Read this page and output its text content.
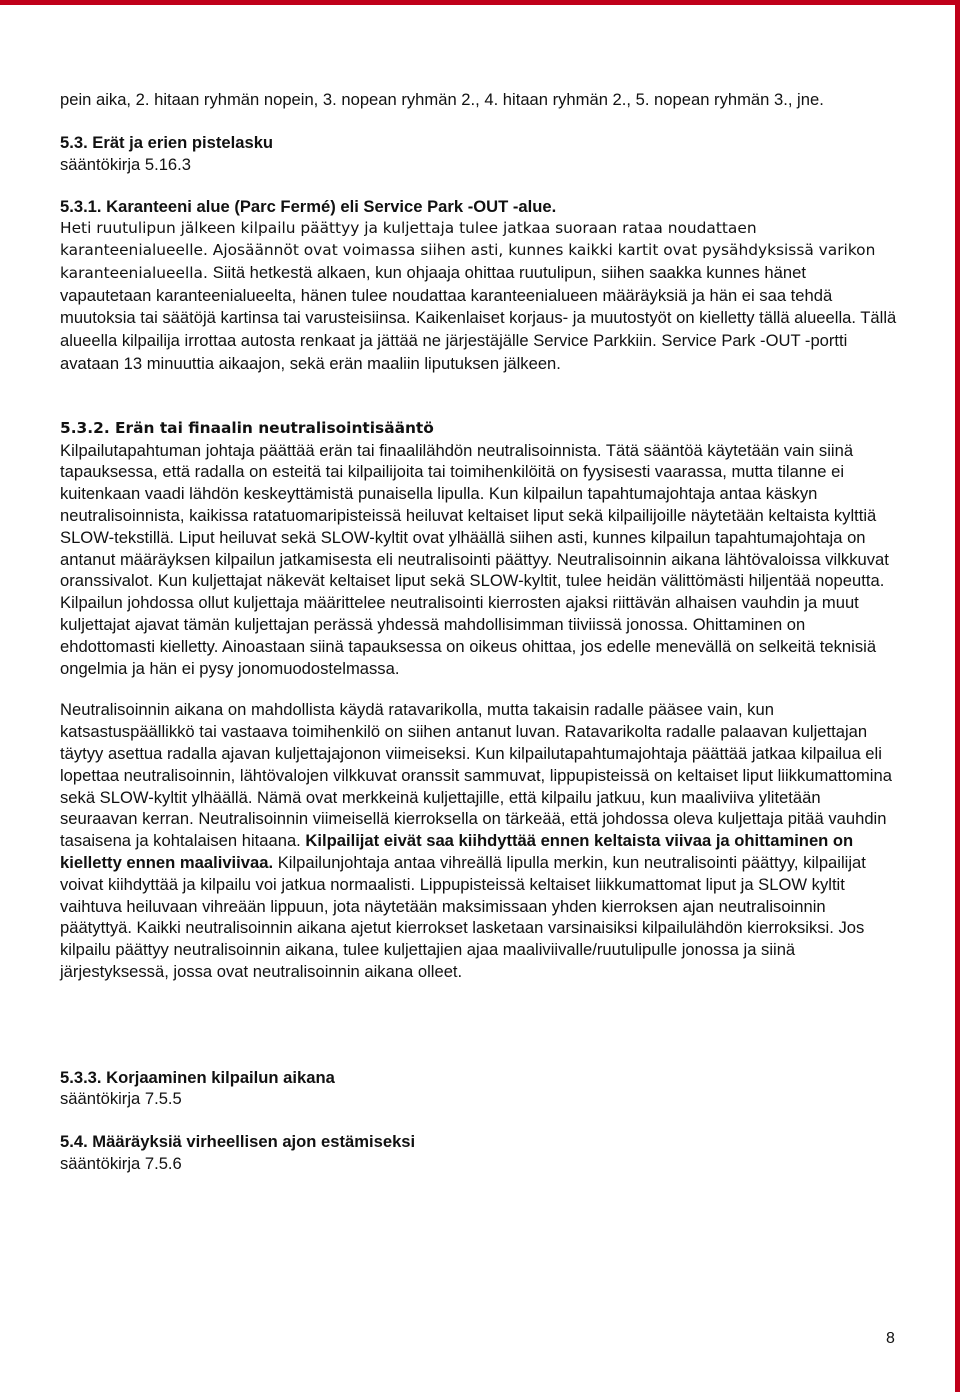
pein aika, 2. hitaan ryhmän nopein, 3. nopean ryhmän 2., 4. hitaan ryhmän 2., 5. nopean ryhmän 3., jne.

5.3. Erät ja erien pistelasku

sääntökirja 5.16.3

5.3.1. Karanteeni alue (Parc Fermé) eli Service Park -OUT -alue.

Heti ruutulipun jälkeen kilpailu päättyy ja kuljettaja tulee jatkaa suoraan rataa noudattaen karanteenialueelle. Ajosäännöt ovat voimassa siihen asti, kunnes kaikki kartit ovat pysähdyksissä varikon karanteenialueella. Siitä hetkestä alkaen, kun ohjaaja ohittaa ruutulipun, siihen saakka kunnes hänet vapautetaan karanteenialueelta, hänen tulee noudattaa karanteenialueen määräyksiä ja hän ei saa tehdä muutoksia tai säätöjä kartinsa tai varusteisiinsa. Kaikenlaiset korjaus- ja muutostyöt on kielletty tällä alueella. Tällä alueella kilpailija irrottaa autosta renkaat ja jättää ne järjestäjälle Service Parkkiin. Service Park -OUT -portti avataan 13 minuuttia aikaajon, sekä erän maaliin liputuksen jälkeen.

5.3.2. Erän tai finaalin neutralisointisääntö

Kilpailutapahtuman johtaja päättää erän tai finaalilähdön neutralisoinnista. Tätä sääntöä käytetään vain siinä tapauksessa, että radalla on esteitä tai kilpailijoita tai toimihenkilöitä on fyysisesti vaarassa, mutta tilanne ei kuitenkaan vaadi lähdön keskeyttämistä punaisella lipulla. Kun kilpailun tapahtumajohtaja antaa käskyn neutralisoinnista, kaikissa ratatuomaripisteissä heiluvat keltaiset liput sekä kilpailijoille näytetään keltaista kylttiä SLOW-tekstillä. Liput heiluvat sekä SLOW-kyltit ovat ylhäällä siihen asti, kunnes kilpailun tapahtumajohtaja on antanut määräyksen kilpailun jatkamisesta eli neutralisointi päättyy. Neutralisoinnin aikana lähtövaloissa vilkkuvat oranssivalot. Kun kuljettajat näkevät keltaiset liput sekä SLOW-kyltit, tulee heidän välittömästi hiljentää nopeutta. Kilpailun johdossa ollut kuljettaja määrittelee neutralisointi kierrosten ajaksi riittävän alhaisen vauhdin ja muut kuljettajat ajavat tämän kuljettajan perässä yhdessä mahdollisimman tiiviissä jonossa. Ohittaminen on ehdottomasti kielletty. Ainoastaan siinä tapauksessa on oikeus ohittaa, jos edelle menevällä on selkeitä teknisiä ongelmia ja hän ei pysy jonomuodostelmassa.

Neutralisoinnin aikana on mahdollista käydä ratavarikolla, mutta takaisin radalle pääsee vain, kun katsastuspäällikkö tai vastaava toimihenkilö on siihen antanut luvan. Ratavarikolta radalle palaavan kuljettajan täytyy asettua radalla ajavan kuljettajajonon viimeiseksi. Kun kilpailutapahtumajohtaja päättää jatkaa kilpailua eli lopettaa neutralisoinnin, lähtövalojen vilkkuvat oranssit sammuvat, lippupisteissä on keltaiset liput liikkumattomina sekä SLOW-kyltit ylhäällä. Nämä ovat merkkeinä kuljettajille, että kilpailu jatkuu, kun maaliviiva ylitetään seuraavan kerran. Neutralisoinnin viimeisellä kierroksella on tärkeää, että johdossa oleva kuljettaja pitää vauhdin tasaisena ja kohtalaisen hitaana. Kilpailijat eivät saa kiihdyttää ennen keltaista viivaa ja ohittaminen on kielletty ennen maaliviivaa. Kilpailunjohtaja antaa vihreällä lipulla merkin, kun neutralisointi päättyy, kilpailijat voivat kiihdyttää ja kilpailu voi jatkua normaalisti. Lippupisteissä keltaiset liikkumattomat liput ja SLOW kyltit vaihtuva heiluvaan vihreään lippuun, jota näytetään maksimissaan yhden kierroksen ajan neutralisoinnin päätyttyä. Kaikki neutralisoinnin aikana ajetut kierrokset lasketaan varsinaisiksi kilpailulähdön kierroksiksi. Jos kilpailu päättyy neutralisoinnin aikana, tulee kuljettajien ajaa maaliviivalle/ruutulipulle jonossa ja siinä järjestyksessä, jossa ovat neutralisoinnin aikana olleet.

5.3.3. Korjaaminen kilpailun aikana

sääntökirja 7.5.5

5.4. Määräyksiä virheellisen ajon estämiseksi

sääntökirja 7.5.6

8
